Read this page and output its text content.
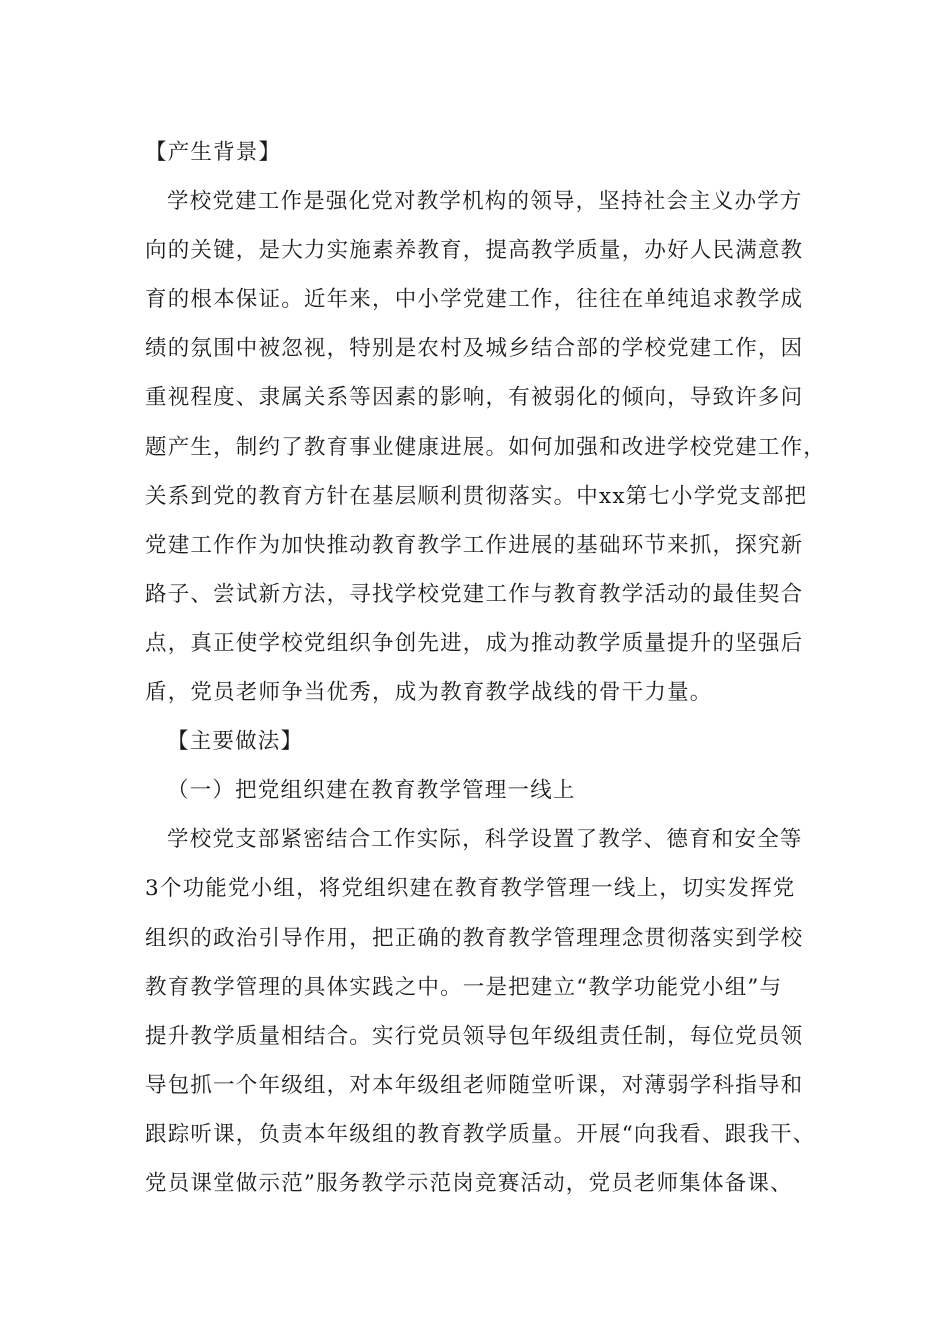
【产生背景】
学校党建工作是强化党对教学机构的领导，坚持社会主义办学方
向的关键，是大力实施素养教育，提高教学质量，办好人民满意教
育的根本保证。近年来，中小学党建工作，往往在单纯追求教学成
绩的氛围中被忽视，特别是农村及城乡结合部的学校党建工作，因
重视程度、隶属关系等因素的影响，有被弱化的倾向，导致许多问
题产生，制约了教育事业健康进展。如何加强和改进学校党建工作，
关系到党的教育方针在基层顺利贯彻落实。中xx第七小学党支部把
党建工作作为加快推动教育教学工作进展的基础环节来抓，探究新
路子、尝试新方法，寻找学校党建工作与教育教学活动的最佳契合
点，真正使学校党组织争创先进，成为推动教学质量提升的坚强后
盾，党员老师争当优秀，成为教育教学战线的骨干力量。
【主要做法】
（一）把党组织建在教育教学管理一线上
学校党支部紧密结合工作实际，科学设置了教学、德育和安全等
3个功能党小组，将党组织建在教育教学管理一线上，切实发挥党
组织的政治引导作用，把正确的教育教学管理理念贯彻落实到学校
教育教学管理的具体实践之中。一是把建立“教学功能党小组”与
提升教学质量相结合。实行党员领导包年级组责任制，每位党员领
导包抓一个年级组，对本年级组老师随堂听课，对薄弱学科指导和
跟踪听课，负责本年级组的教育教学质量。开展“向我看、跟我干、
党员课堂做示范”服务教学示范岗竞赛活动，党员老师集体备课、
